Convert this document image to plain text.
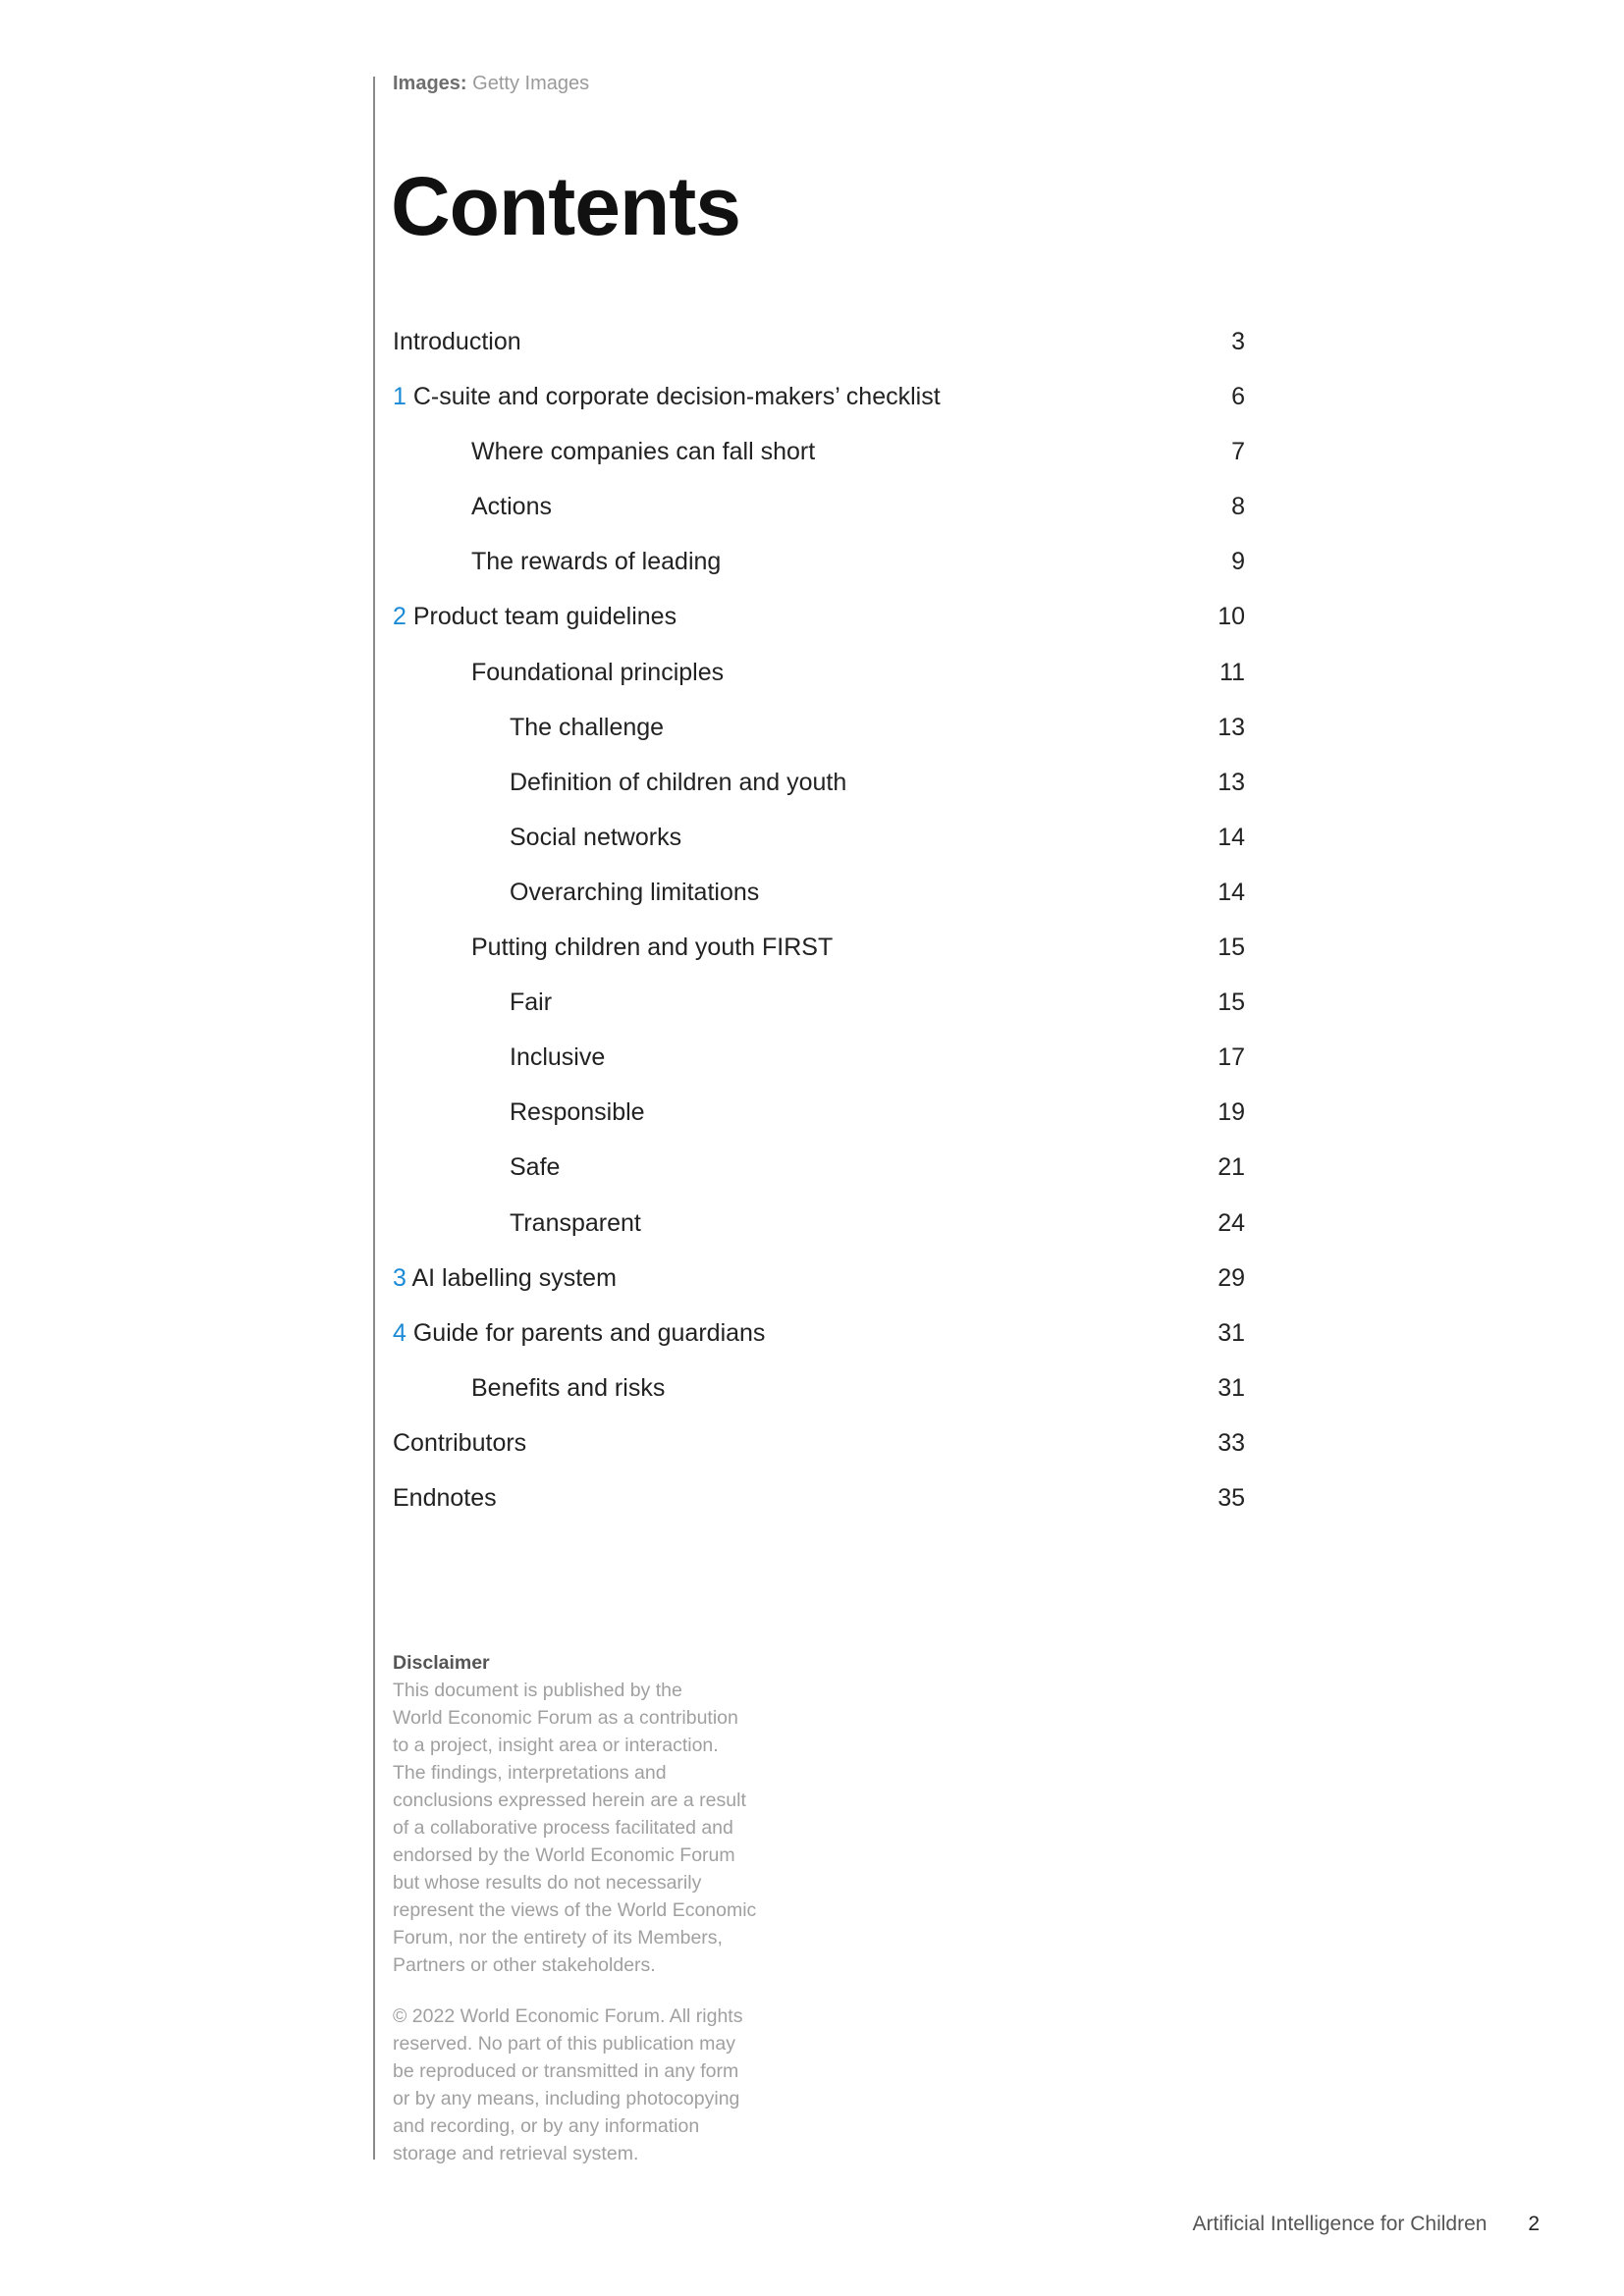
Images: Getty Images
Contents
Introduction	3
1 C-suite and corporate decision-makers’ checklist	6
Where companies can fall short	7
Actions	8
The rewards of leading	9
2 Product team guidelines	10
Foundational principles	11
The challenge	13
Definition of children and youth	13
Social networks	14
Overarching limitations	14
Putting children and youth FIRST	15
Fair	15
Inclusive	17
Responsible	19
Safe	21
Transparent	24
3 AI labelling system	29
4 Guide for parents and guardians	31
Benefits and risks	31
Contributors	33
Endnotes	35

Disclaimer
This document is published by the
World Economic Forum as a contribution
to a project, insight area or interaction.
The findings, interpretations and
conclusions expressed herein are a result
of a collaborative process facilitated and
endorsed by the World Economic Forum
but whose results do not necessarily
represent the views of the World Economic
Forum, nor the entirety of its Members,
Partners or other stakeholders.

© 2022 World Economic Forum. All rights
reserved. No part of this publication may
be reproduced or transmitted in any form
or by any means, including photocopying
and recording, or by any information
storage and retrieval system.

Artificial Intelligence for Children 2
